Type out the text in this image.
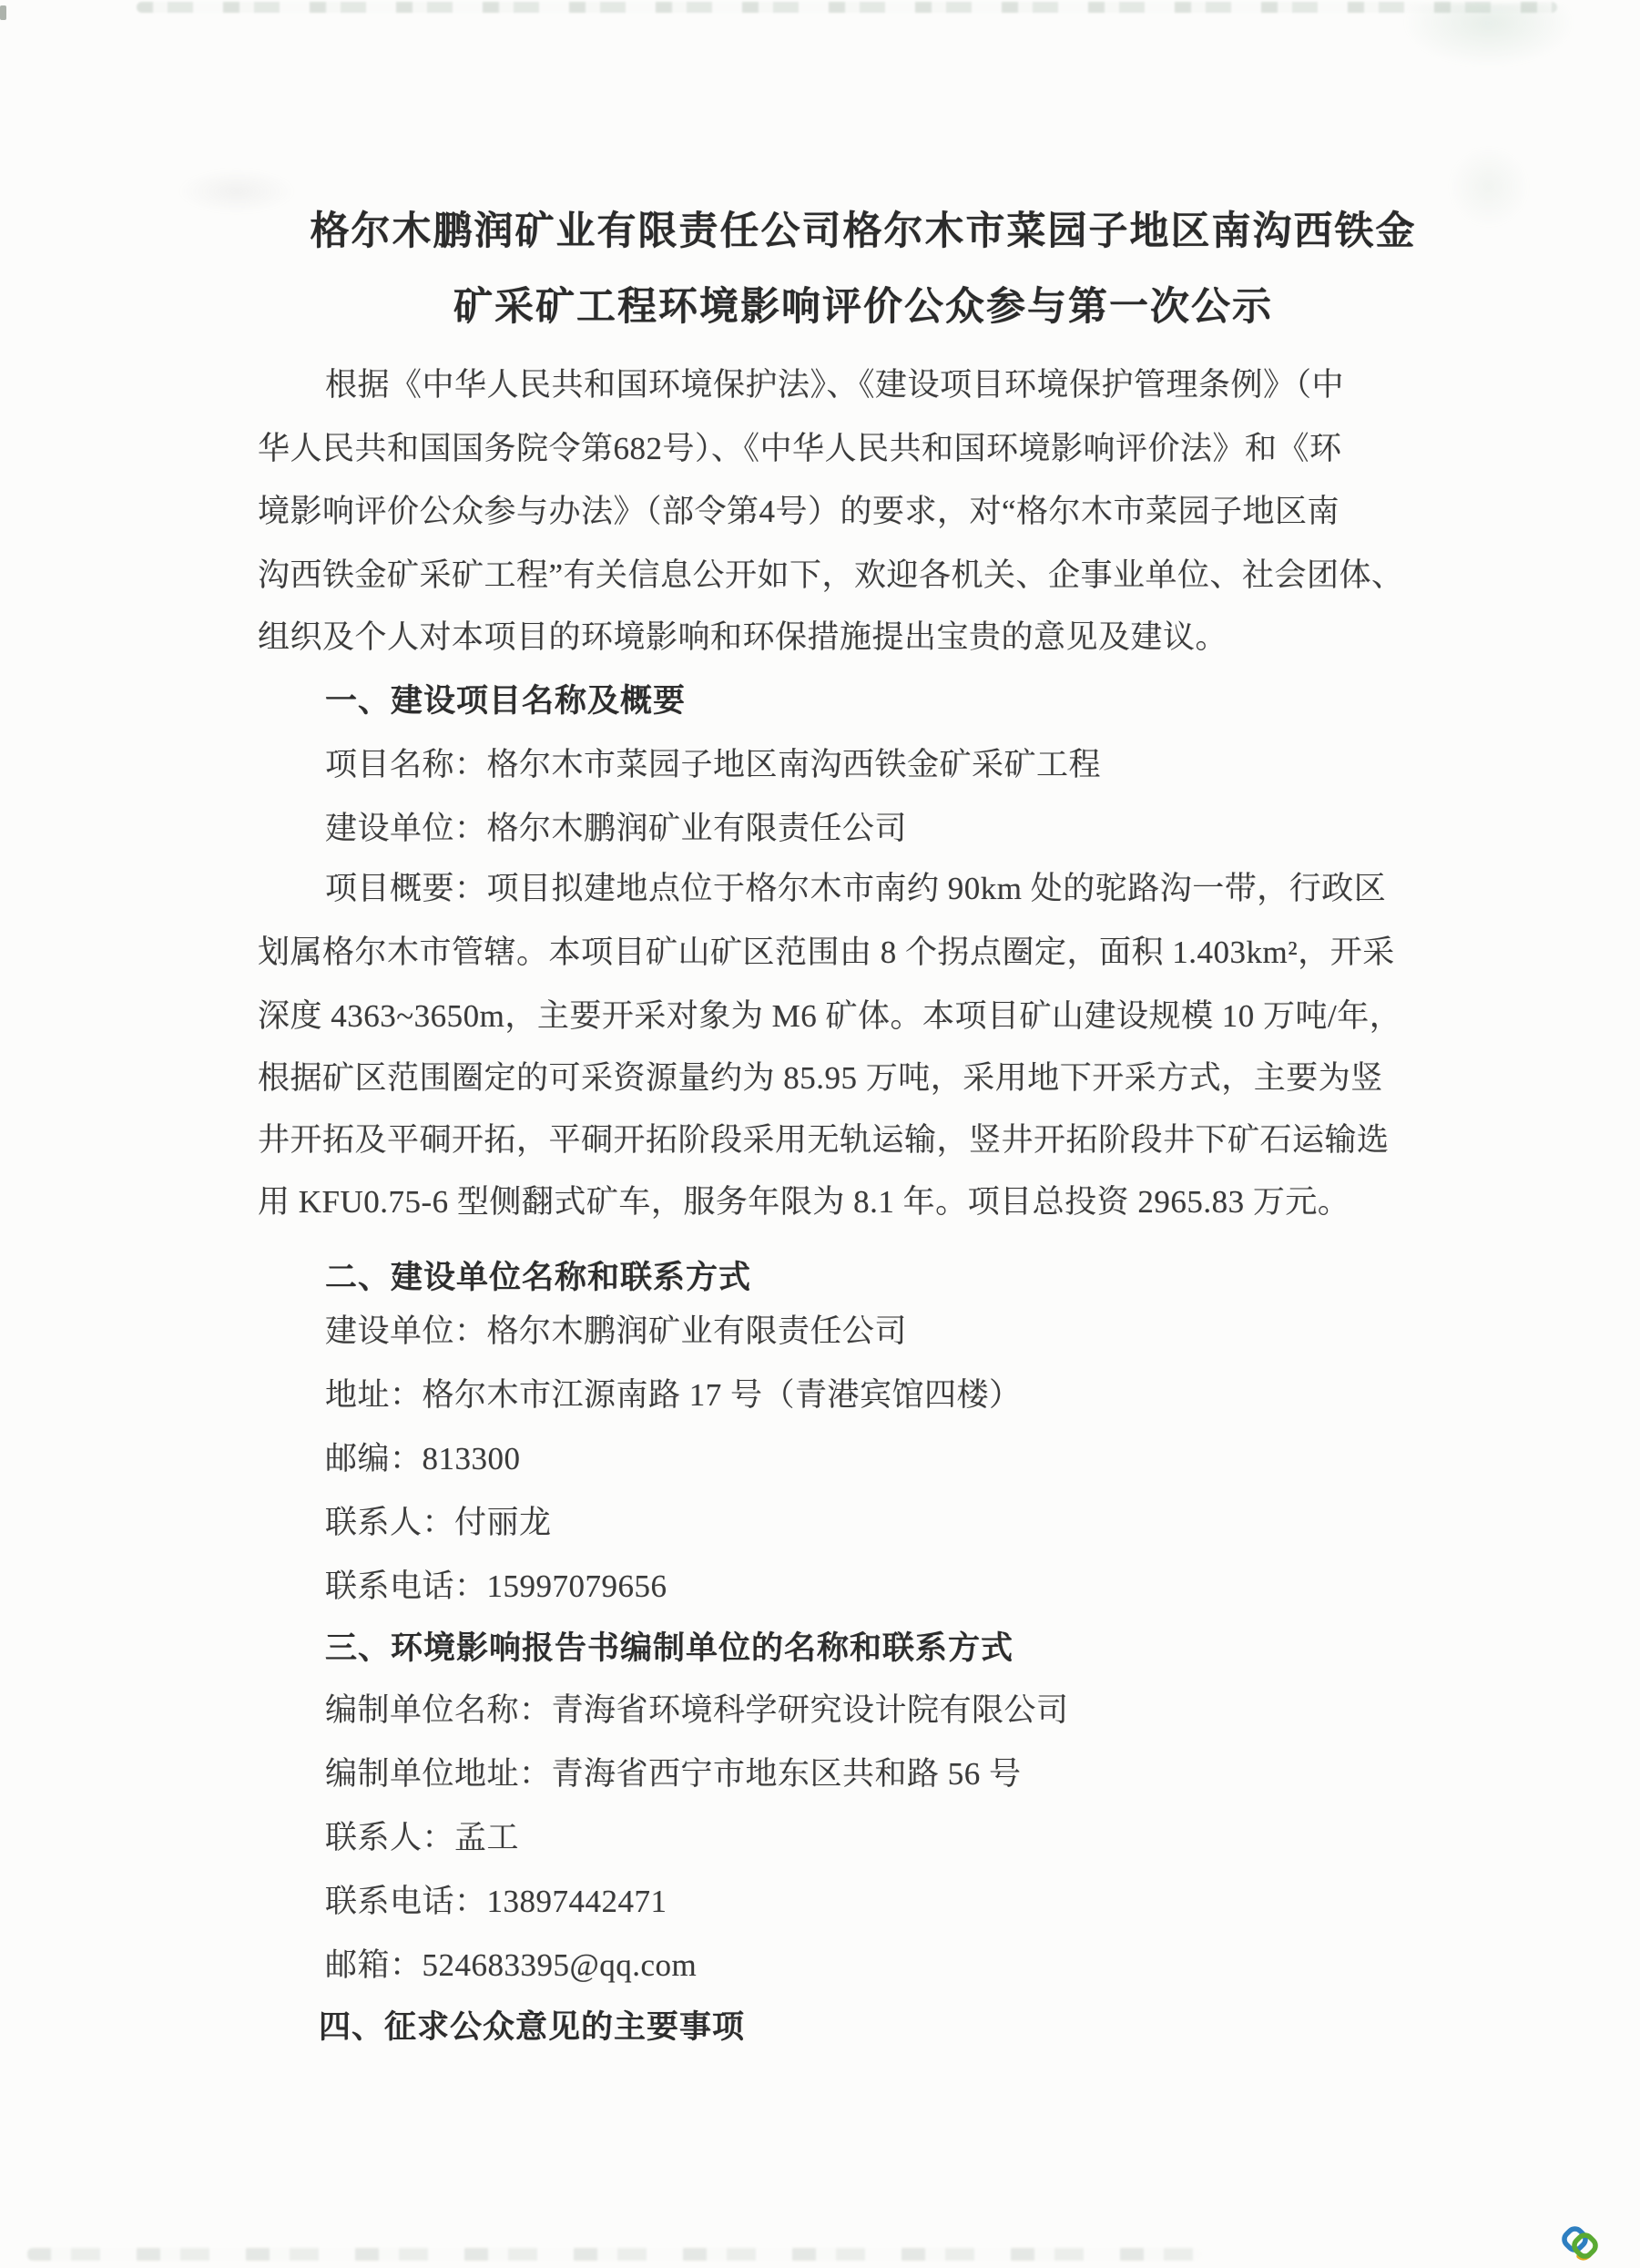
格尔木鹏润矿业有限责任公司格尔木市菜园子地区南沟西铁金
矿采矿工程环境影响评价公众参与第一次公示
根据《中华人民共和国环境保护法》、《建设项目环境保护管理条例》（中
华人民共和国国务院令第682号）、《中华人民共和国环境影响评价法》和《环
境影响评价公众参与办法》（部令第4号）的要求，对“格尔木市菜园子地区南
沟西铁金矿采矿工程”有关信息公开如下，欢迎各机关、企事业单位、社会团体、
组织及个人对本项目的环境影响和环保措施提出宝贵的意见及建议。
一、建设项目名称及概要
项目名称：格尔木市菜园子地区南沟西铁金矿采矿工程
建设单位：格尔木鹏润矿业有限责任公司
项目概要：项目拟建地点位于格尔木市南约 90km 处的驼路沟一带，行政区
划属格尔木市管辖。本项目矿山矿区范围由 8 个拐点圈定，面积 1.403km²，开采
深度 4363~3650m，主要开采对象为 M6 矿体。本项目矿山建设规模 10 万吨/年，
根据矿区范围圈定的可采资源量约为 85.95 万吨，采用地下开采方式，主要为竖
井开拓及平硐开拓，平硐开拓阶段采用无轨运输，竖井开拓阶段井下矿石运输选
用 KFU0.75-6 型侧翻式矿车，服务年限为 8.1 年。项目总投资 2965.83 万元。
二、建设单位名称和联系方式
建设单位：格尔木鹏润矿业有限责任公司
地址：格尔木市江源南路 17 号（青港宾馆四楼）
邮编：813300
联系人：付丽龙
联系电话：15997079656
三、环境影响报告书编制单位的名称和联系方式
编制单位名称：青海省环境科学研究设计院有限公司
编制单位地址：青海省西宁市地东区共和路 56 号
联系人：孟工
联系电话：13897442471
邮箱：524683395@qq.com
四、征求公众意见的主要事项
